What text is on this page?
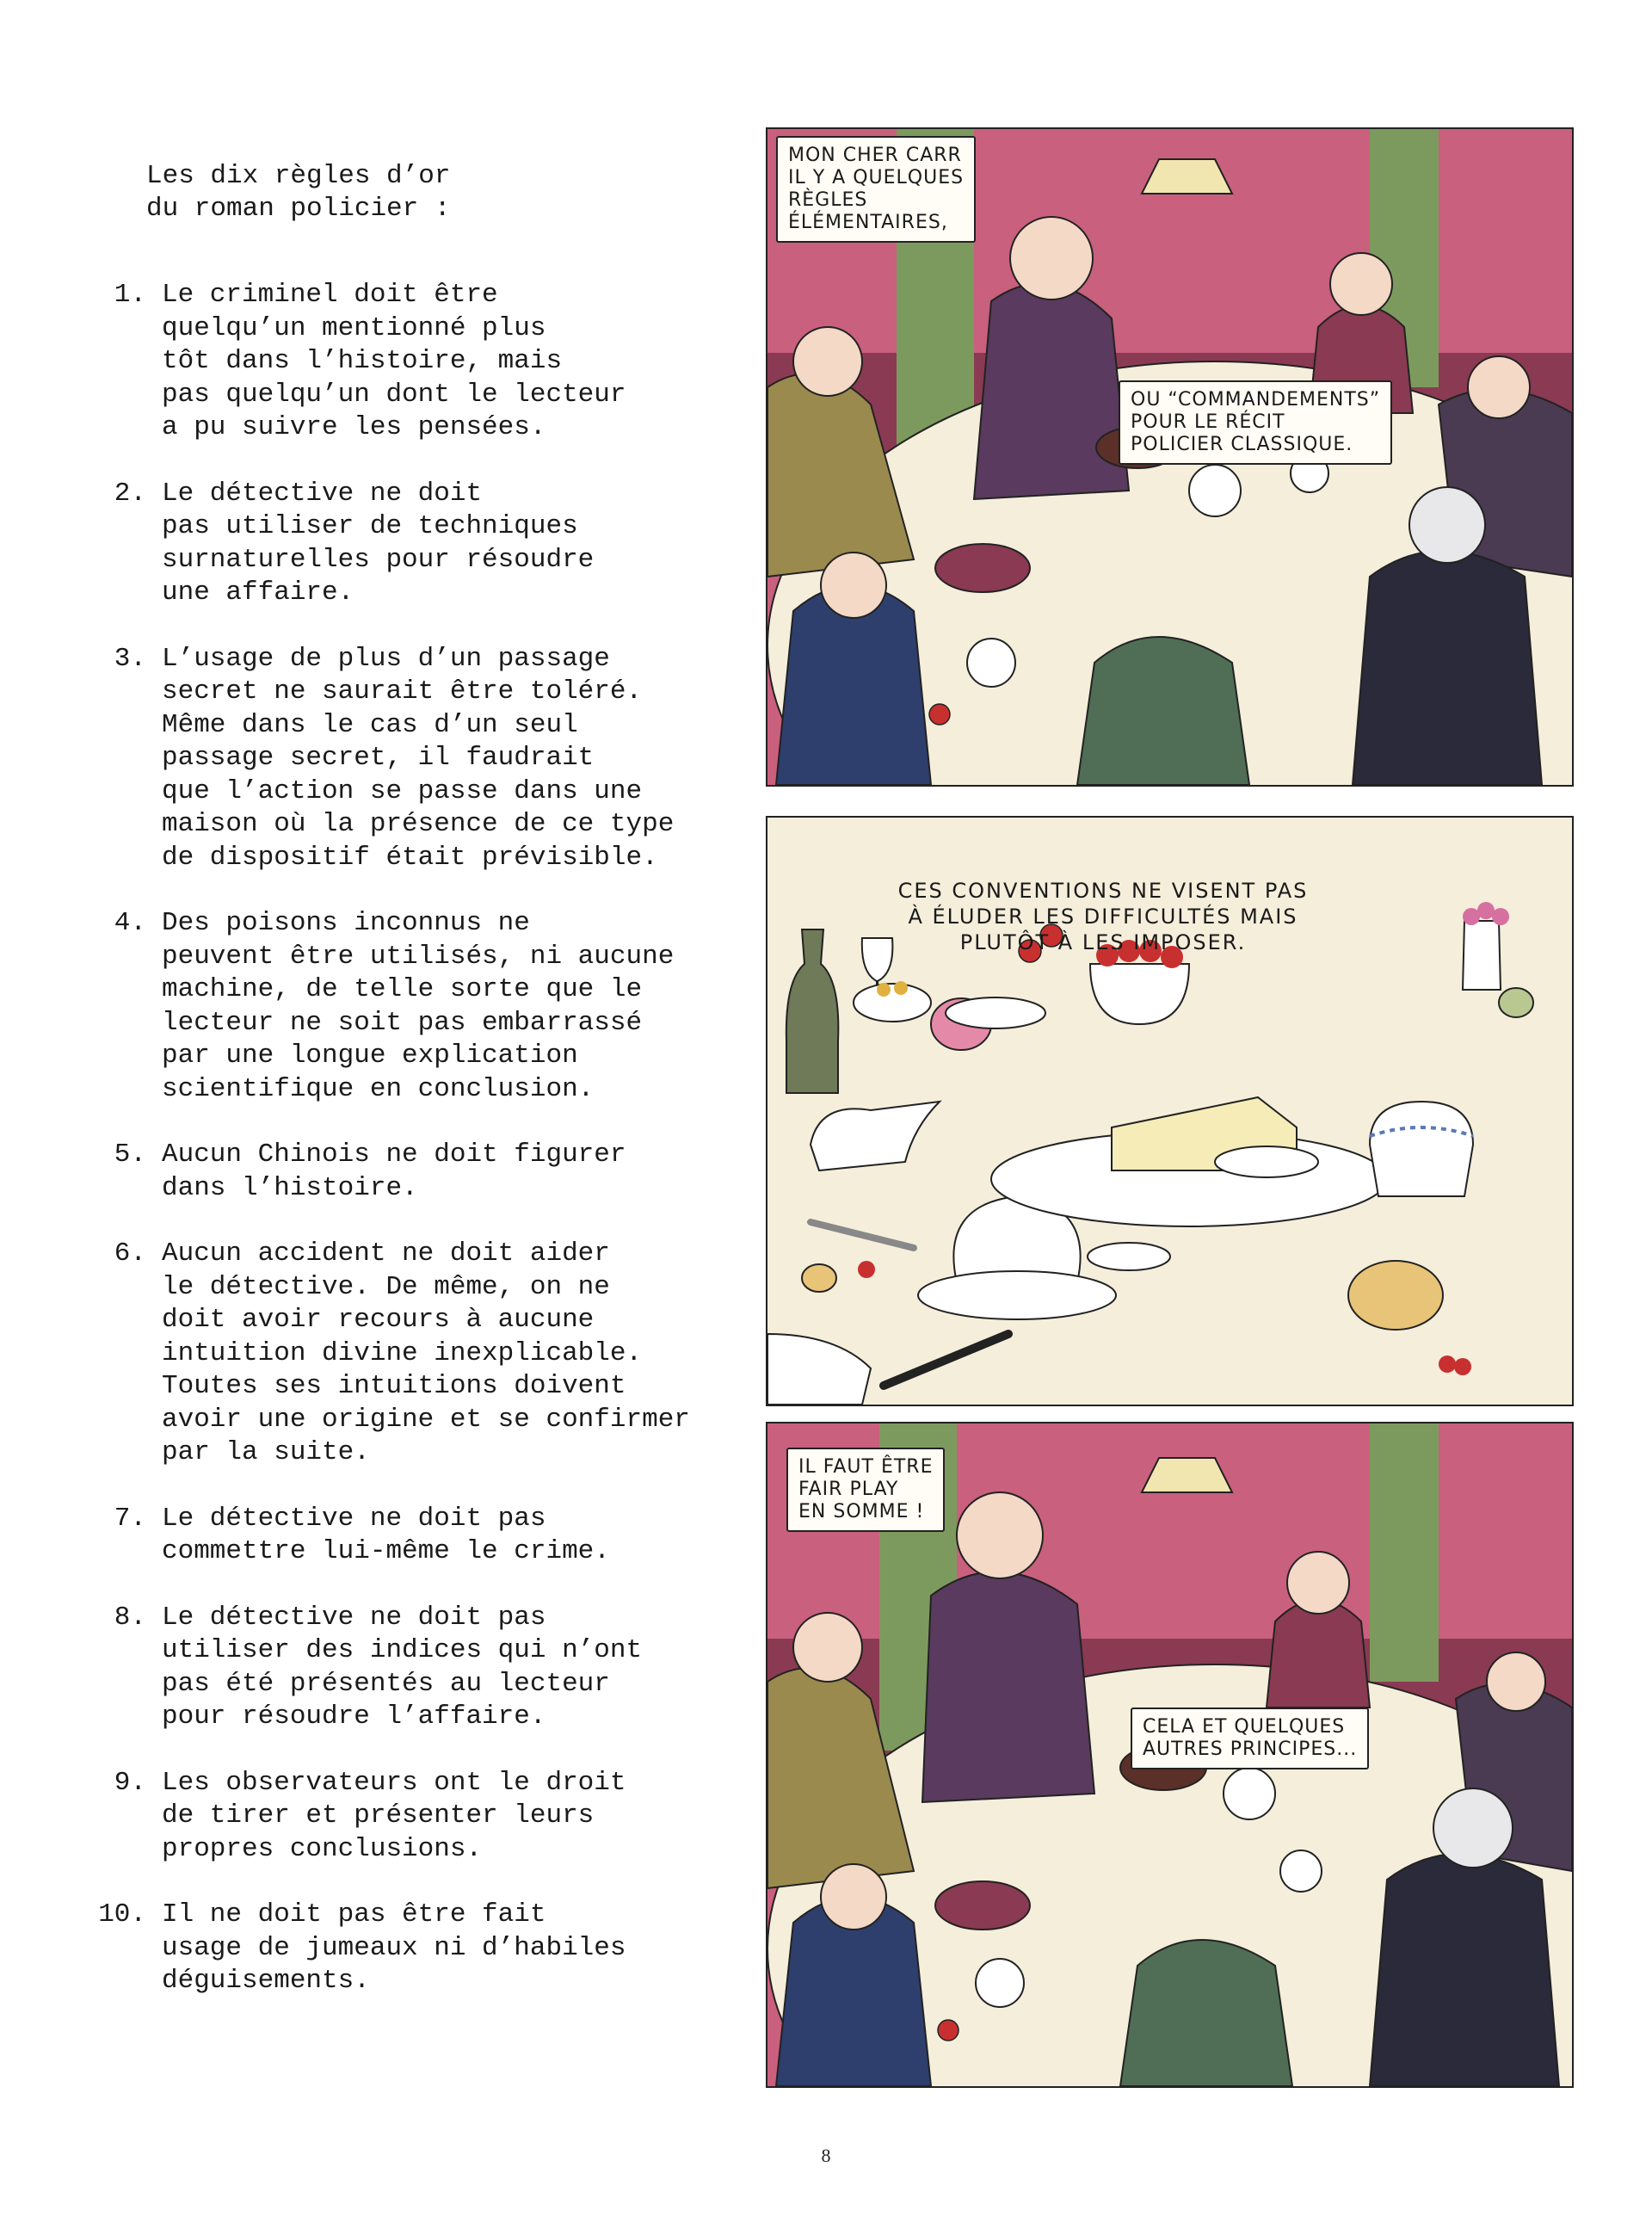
Les dix règles d’or
du roman policier :
1. Le criminel doit être
quelqu’un mentionné plus
tôt dans l’histoire, mais
pas quelqu’un dont le lecteur
a pu suivre les pensées.
2. Le détective ne doit
pas utiliser de techniques
surnaturelles pour résoudre
une affaire.
3. L’usage de plus d’un passage
secret ne saurait être toléré.
Même dans le cas d’un seul
passage secret, il faudrait
que l’action se passe dans une
maison où la présence de ce type
de dispositif était prévisible.
4. Des poisons inconnus ne
peuvent être utilisés, ni aucune
machine, de telle sorte que le
lecteur ne soit pas embarrassé
par une longue explication
scientifique en conclusion.
5. Aucun Chinois ne doit figurer
dans l’histoire.
6. Aucun accident ne doit aider
le détective. De même, on ne
doit avoir recours à aucune
intuition divine inexplicable.
Toutes ses intuitions doivent
avoir une origine et se confirmer
par la suite.
7. Le détective ne doit pas
commettre lui-même le crime.
8. Le détective ne doit pas
utiliser des indices qui n’ont
pas été présentés au lecteur
pour résoudre l’affaire.
9. Les observateurs ont le droit
de tirer et présenter leurs
propres conclusions.
10. Il ne doit pas être fait
usage de jumeaux ni d’habiles
déguisements.
MON CHER CARR
IL Y A QUELQUES
RÈGLES
ÉLÉMENTAIRES,
OU “COMMANDEMENTS”
POUR LE RÉCIT
POLICIER CLASSIQUE.
CES CONVENTIONS NE VISENT PAS
À ÉLUDER LES DIFFICULTÉS MAIS
PLUTÔT À LES IMPOSER.
IL FAUT ÊTRE
FAIR PLAY
EN SOMME !
CELA ET QUELQUES
AUTRES PRINCIPES...
8
